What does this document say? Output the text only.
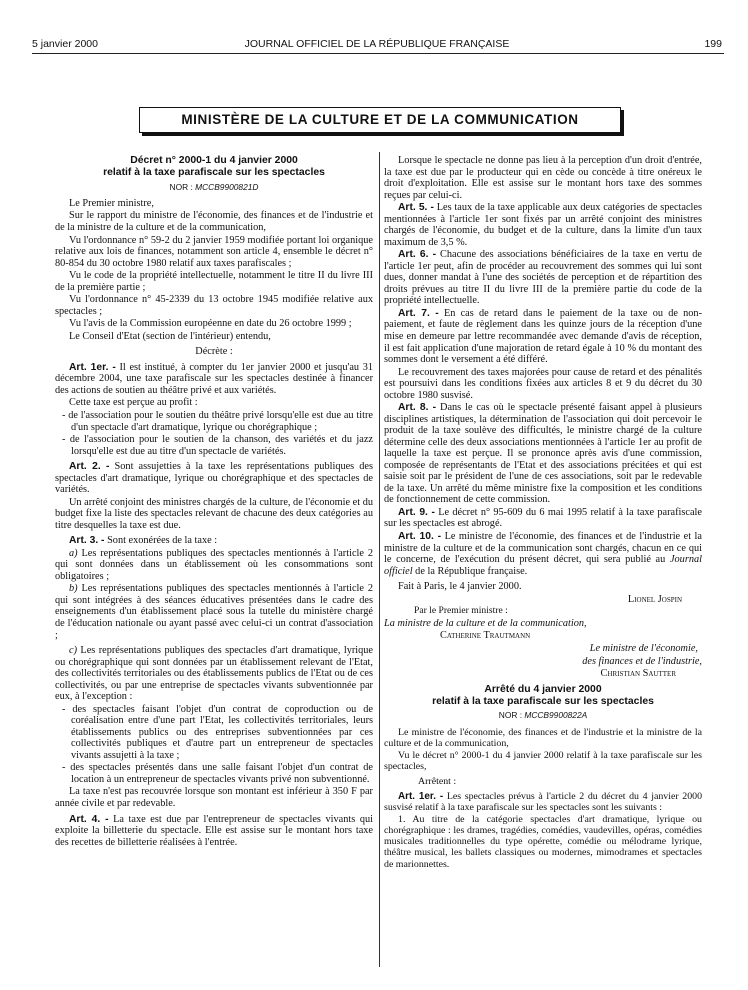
5 janvier 2000	JOURNAL OFFICIEL DE LA RÉPUBLIQUE FRANÇAISE	199
MINISTÈRE DE LA CULTURE ET DE LA COMMUNICATION

Décret n° 2000-1 du 4 janvier 2000

relatif à la taxe parafiscale sur les spectacles

NOR : MCCB9900821D

Le Premier ministre,

Sur le rapport du ministre de l'économie, des finances et de l'industrie et de la ministre de la culture et de la communication,

Vu l'ordonnance n° 59-2 du 2 janvier 1959 modifiée portant loi organique relative aux lois de finances, notamment son article 4, ensemble le décret n° 80-854 du 30 octobre 1980 relatif aux taxes parafiscales ;

Vu le code de la propriété intellectuelle, notamment le titre II du livre III de la première partie ;

Vu l'ordonnance n° 45-2339 du 13 octobre 1945 modifiée relative aux spectacles ;

Vu l'avis de la Commission européenne en date du 26 octobre 1999 ;

Le Conseil d'Etat (section de l'intérieur) entendu,

Décrète :

Art. 1er. - Il est institué, à compter du 1er janvier 2000 et jusqu'au 31 décembre 2004, une taxe parafiscale sur les spectacles destinée à financer des actions de soutien au théâtre privé et aux variétés.

Cette taxe est perçue au profit :

- de l'association pour le soutien du théâtre privé lorsqu'elle est due au titre d'un spectacle d'art dramatique, lyrique ou chorégraphique ;

- de l'association pour le soutien de la chanson, des variétés et du jazz lorsqu'elle est due au titre d'un spectacle de variétés.

Art. 2. - Sont assujetties à la taxe les représentations publiques des spectacles d'art dramatique, lyrique ou chorégraphique et des spectacles de variétés.

Un arrêté conjoint des ministres chargés de la culture, de l'économie et du budget fixe la liste des spectacles relevant de chacune des deux catégories au titre desquelles la taxe est due.

Art. 3. - Sont exonérées de la taxe :

a) Les représentations publiques des spectacles mentionnés à l'article 2 qui sont données dans un établissement où les consommations sont obligatoires ;

b) Les représentations publiques des spectacles mentionnés à l'article 2 qui sont intégrées à des séances éducatives présentées dans le cadre des enseignements d'un établissement placé sous la tutelle du ministère chargé de l'éducation nationale ou ayant passé avec celui-ci un contrat d'association ;

c) Les représentations publiques des spectacles d'art dramatique, lyrique ou chorégraphique qui sont données par un établissement relevant de l'Etat, des collectivités territoriales ou des établissements publics de l'Etat ou de ces collectivités, ou par une entreprise de spectacles vivants subventionnée par eux, à l'exception :

- des spectacles faisant l'objet d'un contrat de coproduction ou de coréalisation entre d'une part l'Etat, les collectivités territoriales, leurs établissements publics ou des entreprises subventionnées par ces collectivités publiques et d'autre part un entrepreneur de spectacles vivants assujetti à la taxe ;

- des spectacles présentés dans une salle faisant l'objet d'un contrat de location à un entrepreneur de spectacles vivants privé non subventionné.

La taxe n'est pas recouvrée lorsque son montant est inférieur à 350 F par année civile et par redevable.

Art. 4. - La taxe est due par l'entrepreneur de spectacles vivants qui exploite la billetterie du spectacle. Elle est assise sur le montant hors taxe des recettes de billetterie réalisées à l'entrée.

Lorsque le spectacle ne donne pas lieu à la perception d'un droit d'entrée, la taxe est due par le producteur qui en cède ou concède à titre onéreux le droit d'exploitation. Elle est assise sur le montant hors taxe des sommes reçues par celui-ci.

Art. 5. - Les taux de la taxe applicable aux deux catégories de spectacles mentionnées à l'article 1er sont fixés par un arrêté conjoint des ministres chargés de l'économie, du budget et de la culture, dans la limite d'un taux maximum de 3,5 %.

Art. 6. - Chacune des associations bénéficiaires de la taxe en vertu de l'article 1er peut, afin de procéder au recouvrement des sommes qui lui sont dues, donner mandat à l'une des sociétés de perception et de répartition des droits prévues au titre II du livre III de la première partie du code de la propriété intellectuelle.

Art. 7. - En cas de retard dans le paiement de la taxe ou de non-paiement, et faute de règlement dans les quinze jours de la réception d'une mise en demeure par lettre recommandée avec demande d'avis de réception, il est fait application d'une majoration de retard égale à 10 % du montant des sommes dont le versement a été différé.

Le recouvrement des taxes majorées pour cause de retard et des pénalités est poursuivi dans les conditions fixées aux articles 8 et 9 du décret du 30 octobre 1980 susvisé.

Art. 8. - Dans le cas où le spectacle présenté faisant appel à plusieurs disciplines artistiques, la détermination de l'association qui doit percevoir le produit de la taxe soulève des difficultés, le ministre chargé de la culture détermine celle des deux associations mentionnées à l'article 1er au profit de laquelle la taxe est perçue. Il se prononce après avis d'une commission, composée de représentants de l'Etat et des associations précitées et qui est saisie soit par le président de l'une de ces associations, soit par le redevable de la taxe. Un arrêté du même ministre fixe la composition et les conditions de fonctionnement de cette commission.

Art. 9. - Le décret n° 95-609 du 6 mai 1995 relatif à la taxe parafiscale sur les spectacles est abrogé.

Art. 10. - Le ministre de l'économie, des finances et de l'industrie et la ministre de la culture et de la communication sont chargés, chacun en ce qui le concerne, de l'exécution du présent décret, qui sera publié au Journal officiel de la République française.

Fait à Paris, le 4 janvier 2000.

Lionel Jospin

Par le Premier ministre :

La ministre de la culture et de la communication,

Catherine Trautmann

Le ministre de l'économie,

des finances et de l'industrie,

Christian Sautter

Arrêté du 4 janvier 2000

relatif à la taxe parafiscale sur les spectacles

NOR : MCCB9900822A

Le ministre de l'économie, des finances et de l'industrie et la ministre de la culture et de la communication,

Vu le décret n° 2000-1 du 4 janvier 2000 relatif à la taxe parafiscale sur les spectacles,

Arrêtent :

Art. 1er. - Les spectacles prévus à l'article 2 du décret du 4 janvier 2000 susvisé relatif à la taxe parafiscale sur les spectacles sont les suivants :

1. Au titre de la catégorie spectacles d'art dramatique, lyrique ou chorégraphique : les drames, tragédies, comédies, vaudevilles, opéras, comédies musicales traditionnelles du type opérette, comédie ou mélodrame lyrique, théâtre musical, les ballets classiques ou modernes, mimodrames et spectacles de marionnettes.
